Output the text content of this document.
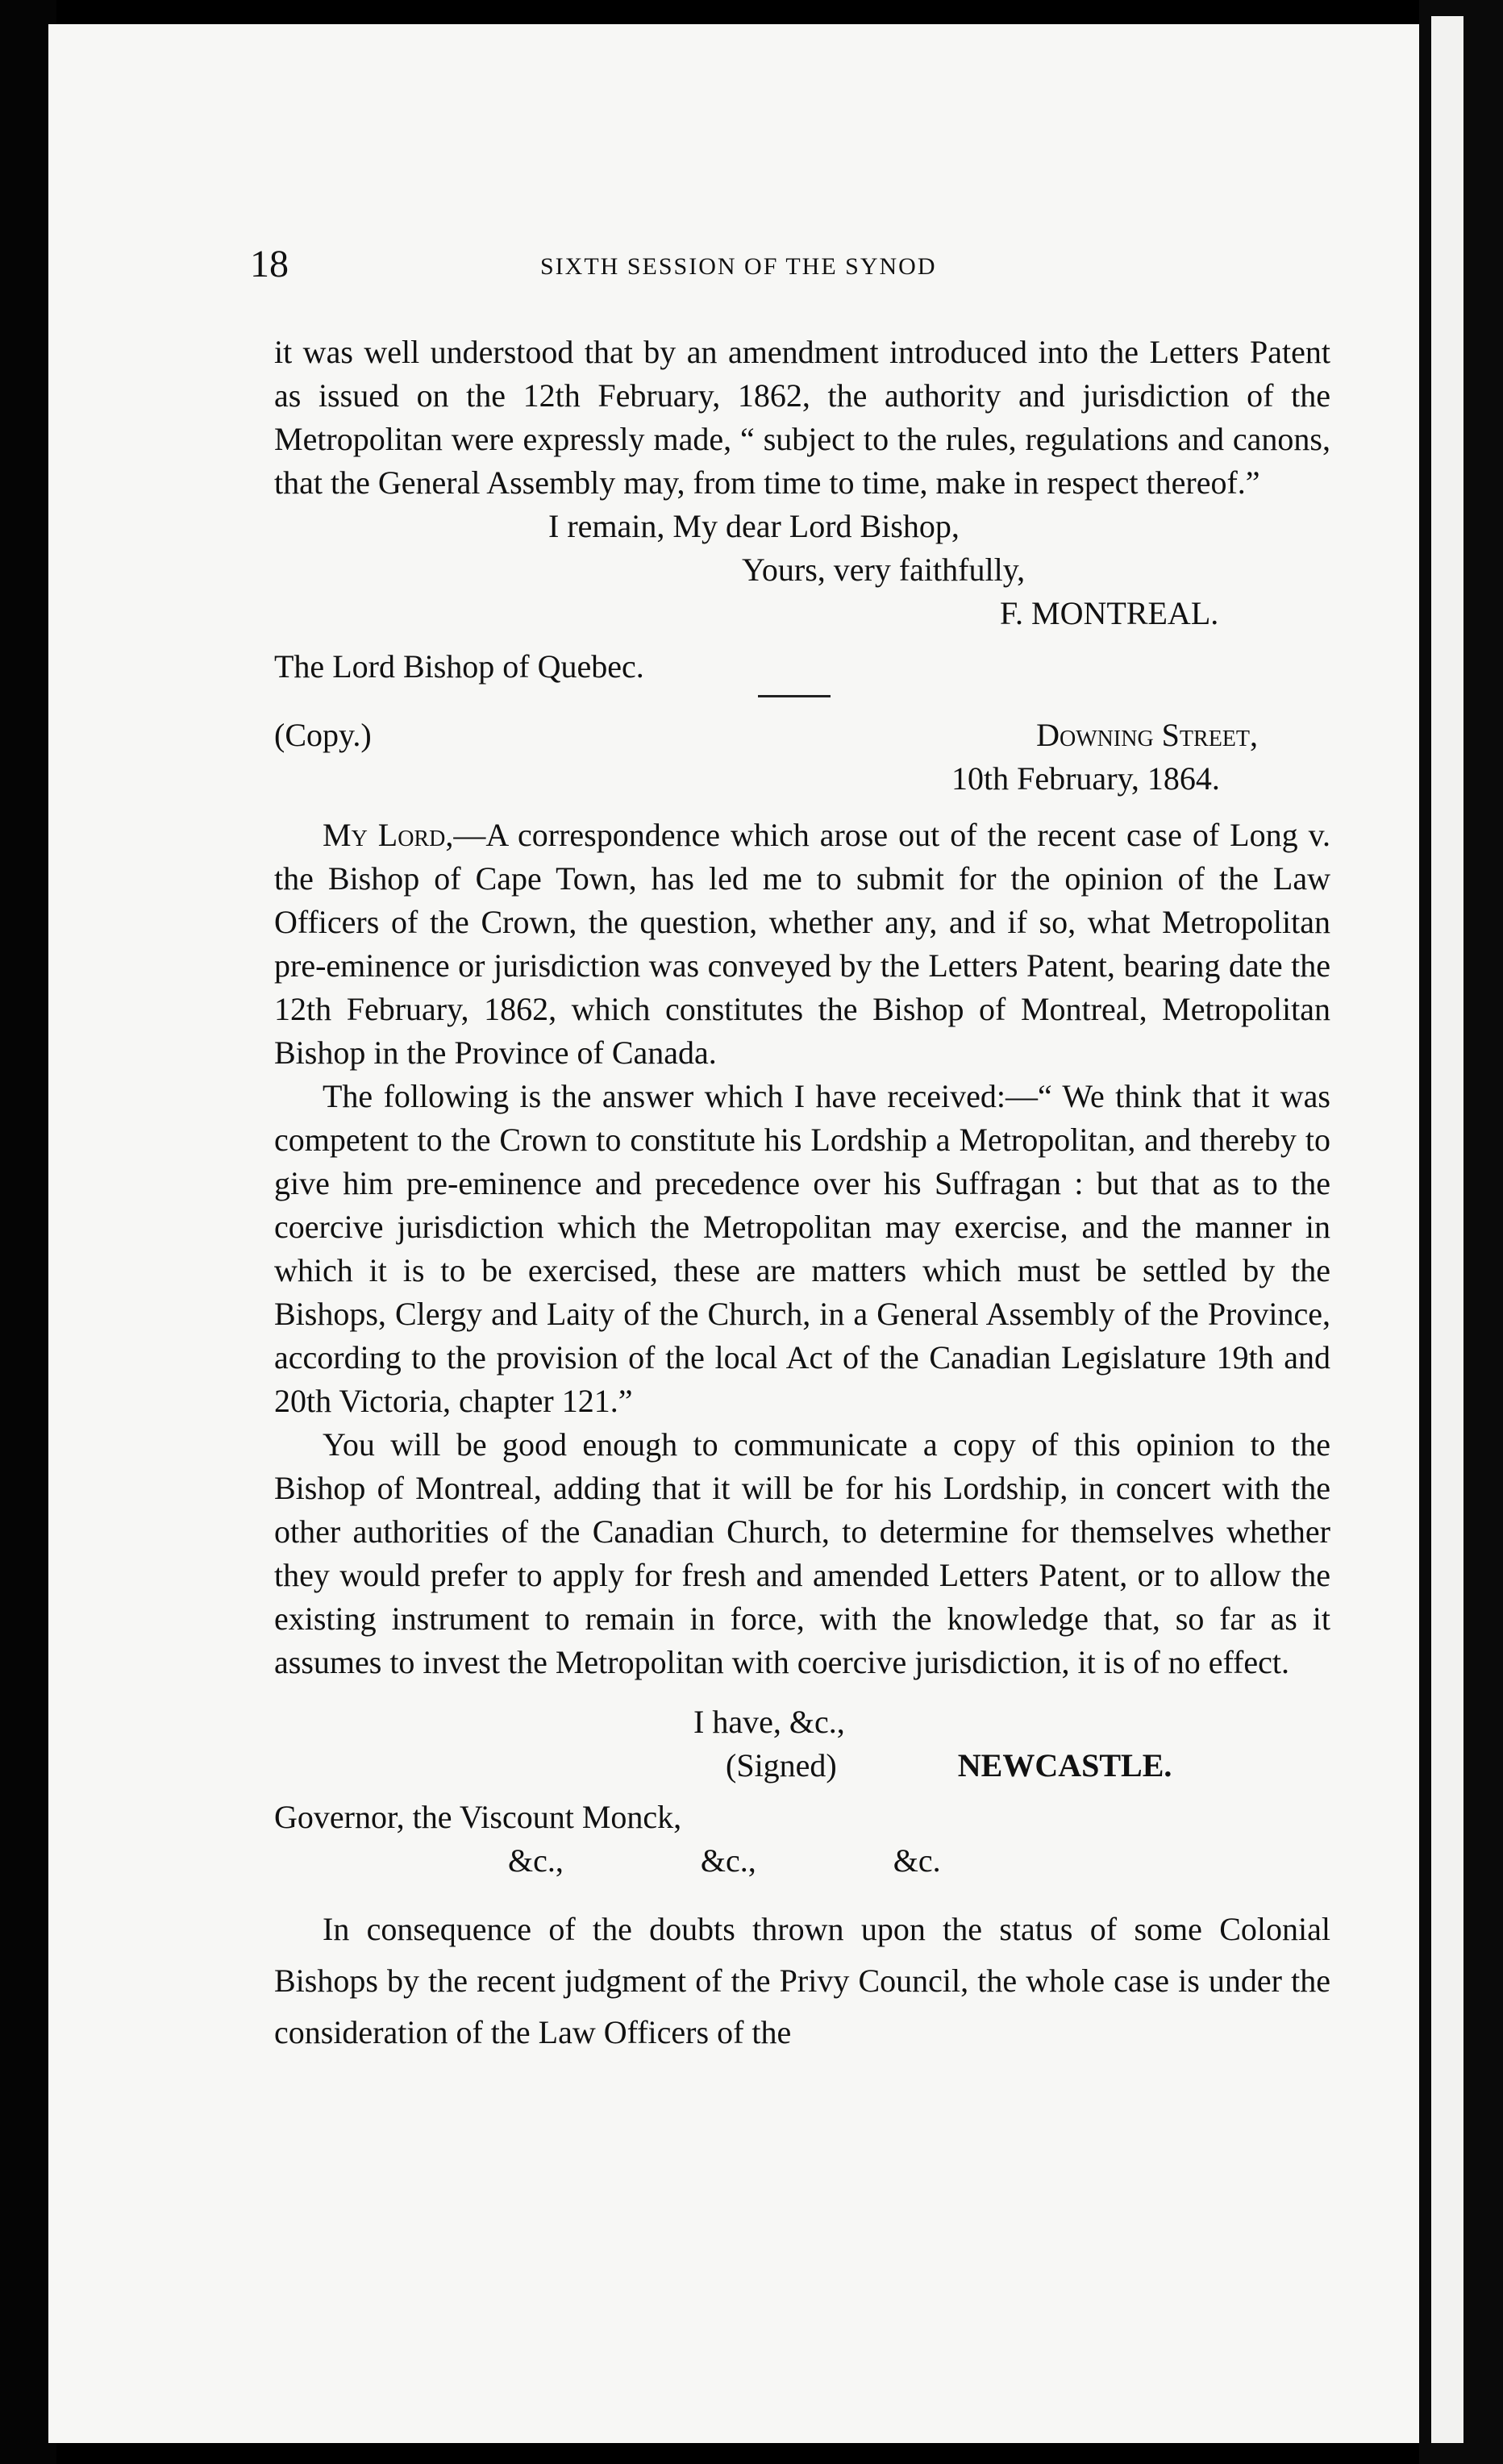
18	SIXTH SESSION OF THE SYNOD

it was well understood that by an amendment introduced into the Letters Patent as issued on the 12th February, 1862, the authority and jurisdiction of the Metropolitan were expressly made, “ subject to the rules, regulations and canons, that the General Assembly may, from time to time, make in respect thereof.”

I remain, My dear Lord Bishop,

Yours, very faithfully,

F. MONTREAL.

The Lord Bishop of Quebec.

(Copy.)	Downing Street,

10th February, 1864.

My Lord,—A correspondence which arose out of the recent case of Long v. the Bishop of Cape Town, has led me to submit for the opinion of the Law Officers of the Crown, the question, whether any, and if so, what Metropolitan pre-eminence or jurisdiction was conveyed by the Letters Patent, bearing date the 12th February, 1862, which constitutes the Bishop of Montreal, Metropolitan Bishop in the Province of Canada.

The following is the answer which I have received:—“ We think that it was competent to the Crown to constitute his Lordship a Metropolitan, and thereby to give him pre-eminence and precedence over his Suffragan : but that as to the coercive jurisdiction which the Metropolitan may exercise, and the manner in which it is to be exercised, these are matters which must be settled by the Bishops, Clergy and Laity of the Church, in a General Assembly of the Province, according to the provision of the local Act of the Canadian Legislature 19th and 20th Victoria, chapter 121.”

You will be good enough to communicate a copy of this opinion to the Bishop of Montreal, adding that it will be for his Lordship, in concert with the other authorities of the Canadian Church, to determine for themselves whether they would prefer to apply for fresh and amended Letters Patent, or to allow the existing instrument to remain in force, with the knowledge that, so far as it assumes to invest the Metropolitan with coercive jurisdiction, it is of no effect.

I have, &c.,

(Signed)	NEWCASTLE.

Governor, the Viscount Monck,

&c.,	&c.,	&c.

In consequence of the doubts thrown upon the status of some Colonial Bishops by the recent judgment of the Privy Council, the whole case is under the consideration of the Law Officers of the
